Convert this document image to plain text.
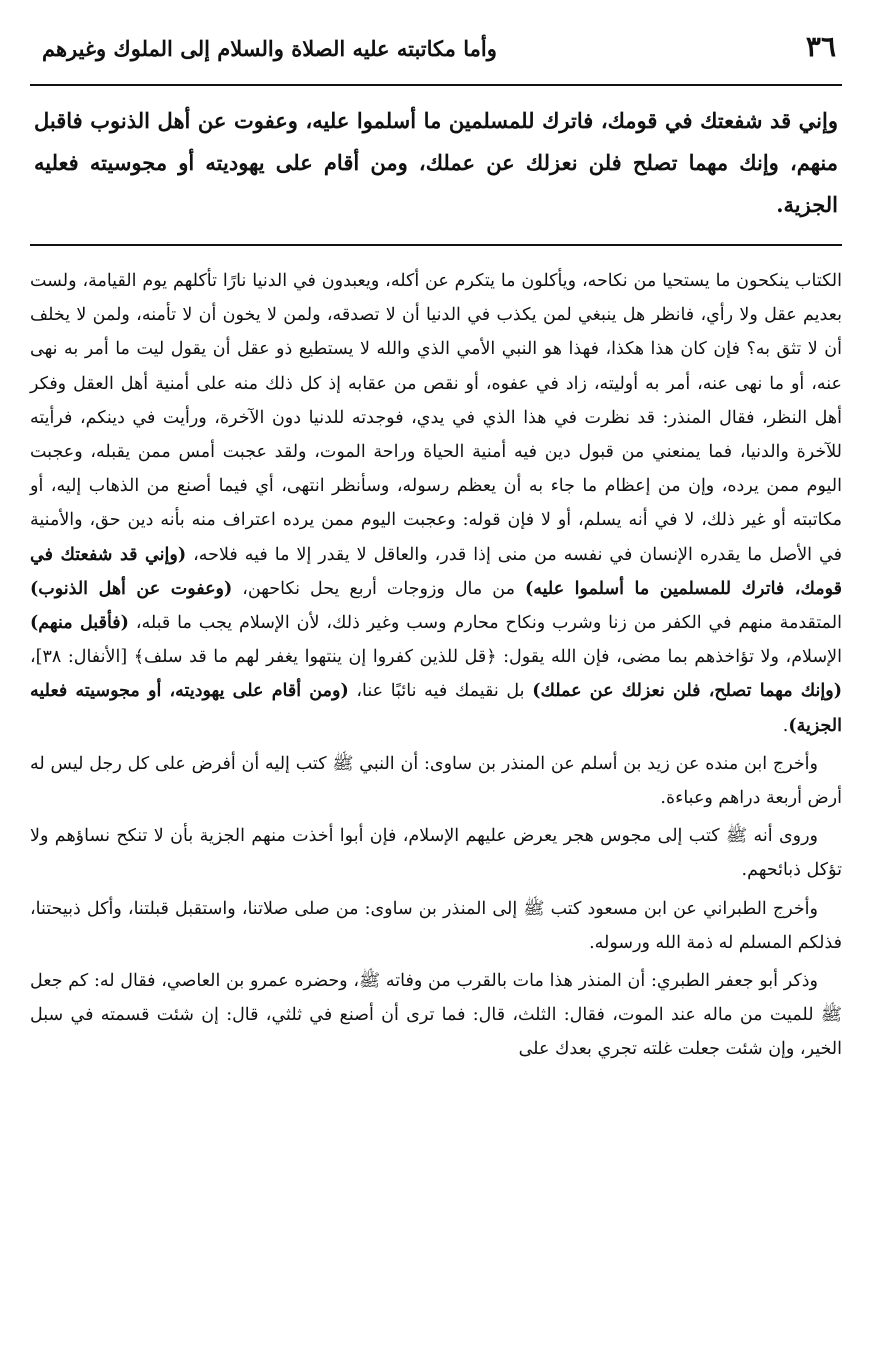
٣٦
وأما مكاتبته عليه الصلاة والسلام إلى الملوك وغيرهم

وإني قد شفعتك في قومك، فاترك للمسلمين ما أسلموا عليه، وعفوت عن أهل الذنوب فاقبل منهم، وإنك مهما تصلح فلن نعزلك عن عملك، ومن أقام على يهوديته أو مجوسيته فعليه الجزية.

الكتاب ينكحون ما يستحيا من نكاحه، ويأكلون ما يتكرم عن أكله، ويعبدون في الدنيا نارًا تأكلهم يوم القيامة، ولست بعديم عقل ولا رأي، فانظر هل ينبغي لمن يكذب في الدنيا أن لا تصدقه، ولمن لا يخون أن لا تأمنه، ولمن لا يخلف أن لا تثق به؟ فإن كان هذا هكذا، فهذا هو النبي الأمي الذي والله لا يستطيع ذو عقل أن يقول ليت ما أمر به نهى عنه، أو ما نهى عنه، أمر به أوليته، زاد في عفوه، أو نقص من عقابه إذ كل ذلك منه على أمنية أهل العقل وفكر أهل النظر، فقال المنذر: قد نظرت في هذا الذي في يدي، فوجدته للدنيا دون الآخرة، ورأيت في دينكم، فرأيته للآخرة والدنيا، فما يمنعني من قبول دين فيه أمنية الحياة وراحة الموت، ولقد عجبت أمس ممن يقبله، وعجبت اليوم ممن يرده، وإن من إعظام ما جاء به أن يعظم رسوله، وسأنظر انتهى، أي فيما أصنع من الذهاب إليه، أو مكاتبته أو غير ذلك، لا في أنه يسلم، أو لا فإن قوله: وعجبت اليوم ممن يرده اعتراف منه بأنه دين حق، والأمنية في الأصل ما يقدره الإنسان في نفسه من منى إذا قدر، والعاقل لا يقدر إلا ما فيه فلاحه، (وإني قد شفعتك في قومك، فاترك للمسلمين ما أسلموا عليه) من مال وزوجات أربع يحل نكاحهن، (وعفوت عن أهل الذنوب) المتقدمة منهم في الكفر من زنا وشرب ونكاح محارم وسب وغير ذلك، لأن الإسلام يجب ما قبله، (فأقبل منهم) الإسلام، ولا تؤاخذهم بما مضى، فإن الله يقول: ﴿قل للذين كفروا إن ينتهوا يغفر لهم ما قد سلف﴾ [الأنفال: ٣٨]، (وإنك مهما تصلح، فلن نعزلك عن عملك) بل نقيمك فيه نائبًا عنا، (ومن أقام على يهوديته، أو مجوسيته فعليه الجزية).

وأخرج ابن منده عن زيد بن أسلم عن المنذر بن ساوى: أن النبي ﷺ كتب إليه أن أفرض على كل رجل ليس له أرض أربعة دراهم وعباءة.

وروى أنه ﷺ كتب إلى مجوس هجر يعرض عليهم الإسلام، فإن أبوا أخذت منهم الجزية بأن لا تنكح نساؤهم ولا تؤكل ذبائحهم.

وأخرج الطبراني عن ابن مسعود كتب ﷺ إلى المنذر بن ساوى: من صلى صلاتنا، واستقبل قبلتنا، وأكل ذبيحتنا، فذلكم المسلم له ذمة الله ورسوله.

وذكر أبو جعفر الطبري: أن المنذر هذا مات بالقرب من وفاته ﷺ، وحضره عمرو بن العاصي، فقال له: كم جعل ﷺ للميت من ماله عند الموت، فقال: الثلث، قال: فما ترى أن أصنع في ثلثي، قال: إن شئت قسمته في سبل الخير، وإن شئت جعلت غلته تجري بعدك على
